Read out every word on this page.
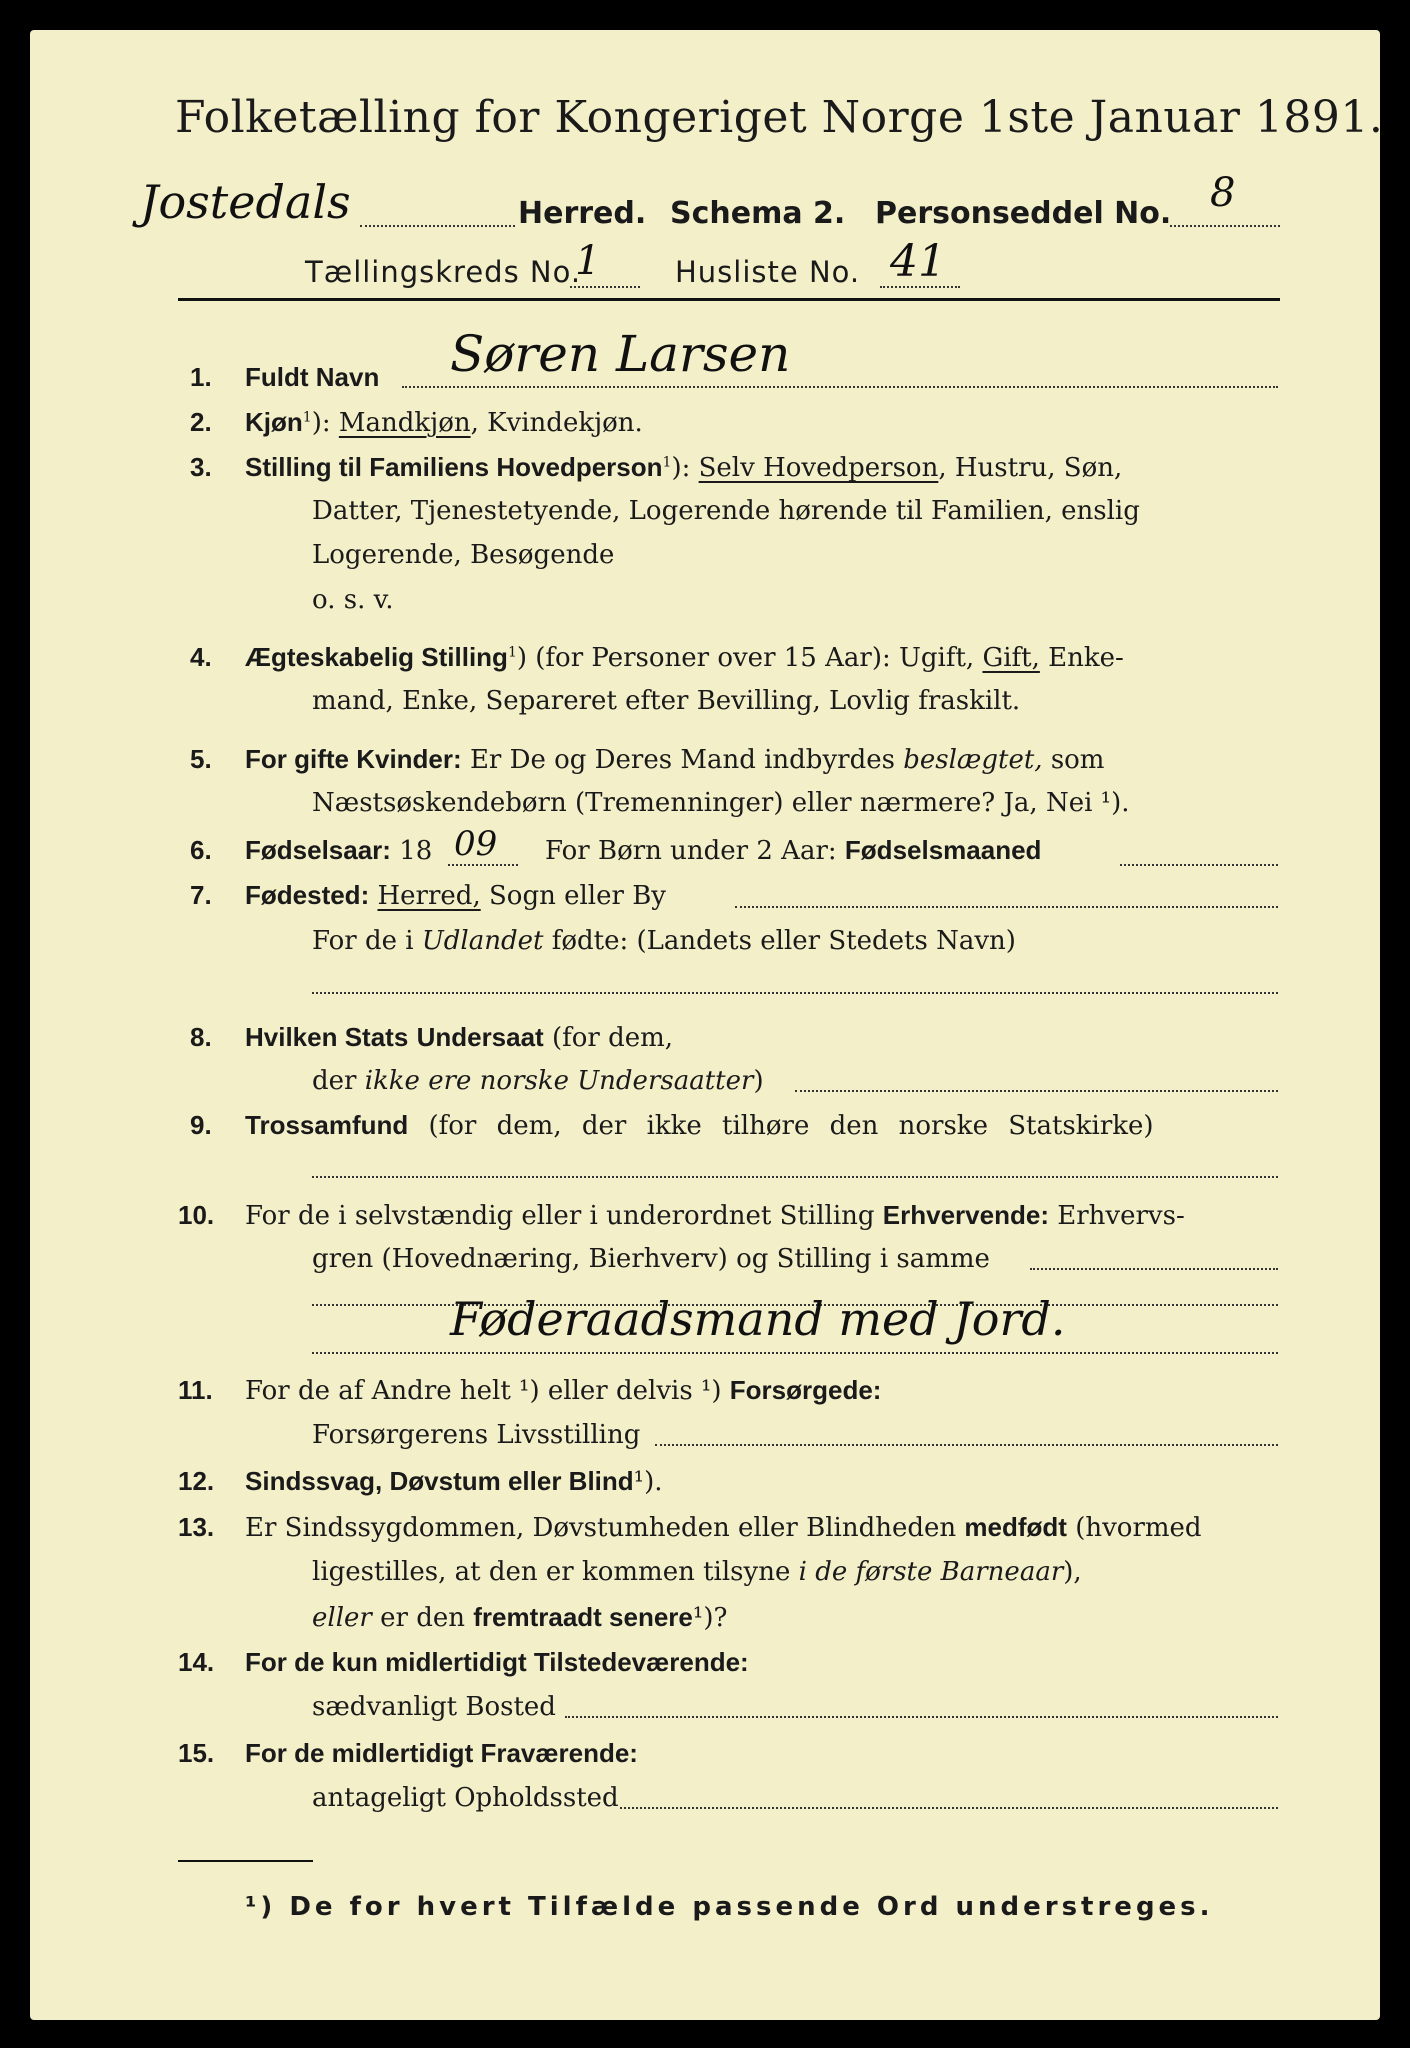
Folketælling for Kongeriget Norge 1ste Januar 1891.
Jostedals	Herred. Schema 2. Personseddel No. 8
Tællingskreds No.
1	Husliste No. 41
1. Fuldt Navn Søren Larsen
2. Kjøn$^1$): Mandkjøn, Kvindekjøn.
3. Stilling til Familiens Hovedperson$^1$): Selv Hovedperson, Hustru, Søn,
Datter, Tjenestetyende, Logerende hørende til Familien, enslig
Logerende, Besøgende
o. s. v.
4. Ægteskabelig Stilling$^1$) (for Personer over 15 Aar): Ugift, Gift, Enke-
mand, Enke, Separeret efter Bevilling, Lovlig fraskilt.
5. For gifte Kvinder: Er De og Deres Mand indbyrdes beslægtet, som
Næstsøskendebørn (Tremenninger) eller nærmere? Ja, Nei ¹).
6. Fødselsaar: 18 09 For Børn under 2 Aar: Fødselsmaaned
7. Fødested: Herred, Sogn eller By
For de i Udlandet fødte: (Landets eller Stedets Navn)
8. Hvilken Stats Undersaat (for dem,
der ikke ere norske Undersaatter)
9. Trossamfund (for dem, der ikke tilhøre den norske Statskirke)
10. For de i selvstændig eller i underordnet Stilling Erhvervende: Erhvervs-
gren (Hovednæring, Bierhverv) og Stilling i samme
Føderaadsmand med Jord.
11. For de af Andre helt ¹) eller delvis ¹) Forsørgede:
Forsørgerens Livsstilling
12. Sindssvag, Døvstum eller Blind¹).
13. Er Sindssygdommen, Døvstumheden eller Blindheden medfødt (hvormed
ligestilles, at den er kommen tilsyne i de første Barneaar),
eller er den fremtraadt senere¹)?
14. For de kun midlertidigt Tilstedeværende:
sædvanligt Bosted
15. For de midlertidigt Fraværende:
antageligt Opholdssted
¹) De for hvert Tilfælde passende Ord understreges.
